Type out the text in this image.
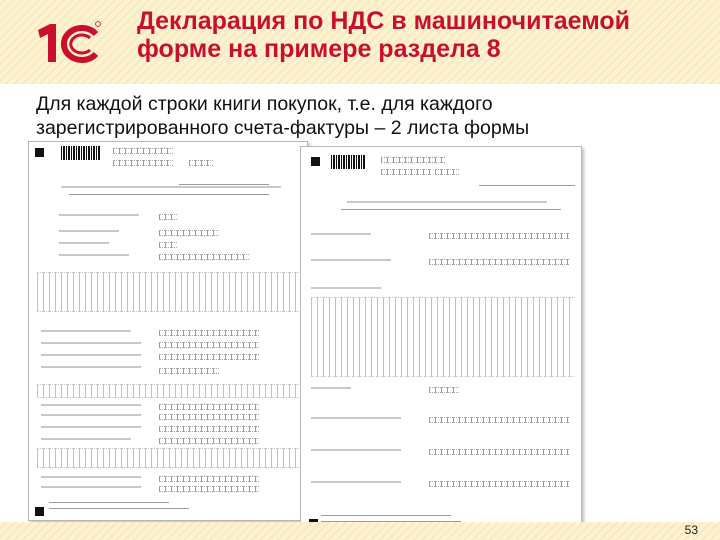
Декларация по НДС в машиночитаемой
форме на примере раздела 8
Для каждой строки книги покупок, т.е. для каждого
зарегистрированного счета-фактуры – 2 листа формы
53
